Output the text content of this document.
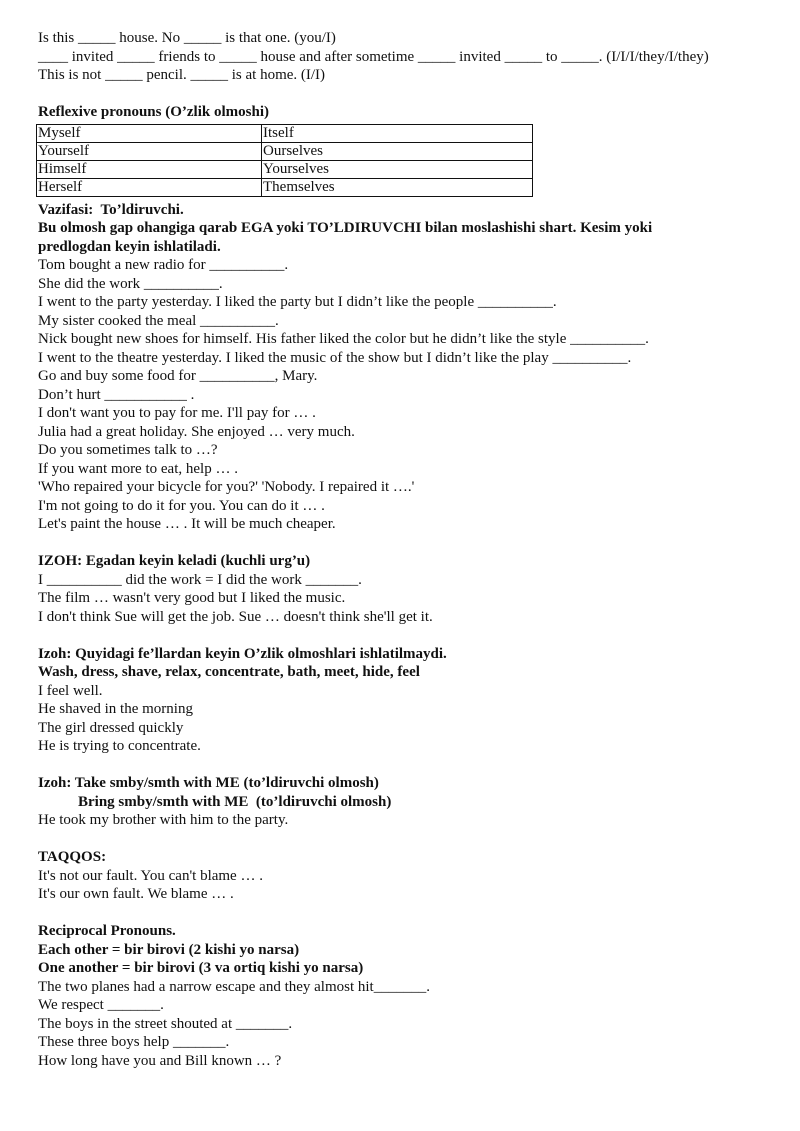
Is this _____ house. No _____ is that one. (you/I)
____ invited _____ friends to _____ house and after sometime _____ invited _____ to _____. (I/I/I/they/I/they)
This is not _____ pencil. _____ is at home. (I/I)
Reflexive pronouns (O’zlik olmoshi)
Myself	Itself
Yourself	Ourselves
Himself	Yourselves
Herself	Themselves
Vazifasi:  To’ldiruvchi.
Bu olmosh gap ohangiga qarab EGA yoki TO’LDIRUVCHI bilan moslashishi shart. Kesim yoki
predlogdan keyin ishlatiladi.
Tom bought a new radio for __________.
She did the work __________.
I went to the party yesterday. I liked the party but I didn’t like the people __________.
My sister cooked the meal __________.
Nick bought new shoes for himself. His father liked the color but he didn’t like the style __________.
I went to the theatre yesterday. I liked the music of the show but I didn’t like the play __________.
Go and buy some food for __________, Mary.
Don’t hurt ___________ .
I don't want you to pay for me. I'll pay for … .
Julia had a great holiday. She enjoyed … very much.
Do you sometimes talk to …?
If you want more to eat, help … .
'Who repaired your bicycle for you?' 'Nobody. I repaired it ….'
I'm not going to do it for you. You can do it … .
Let's paint the house … . It will be much cheaper.
IZOH: Egadan keyin keladi (kuchli urg’u)
I __________ did the work = I did the work _______.
The film … wasn't very good but I liked the music.
I don't think Sue will get the job. Sue … doesn't think she'll get it.
Izoh: Quyidagi fe’llardan keyin O’zlik olmoshlari ishlatilmaydi.
Wash, dress, shave, relax, concentrate, bath, meet, hide, feel
I feel well.
He shaved in the morning
The girl dressed quickly
He is trying to concentrate.
Izoh: Take smby/smth with ME (to’ldiruvchi olmosh)
Bring smby/smth with ME  (to’ldiruvchi olmosh)
He took my brother with him to the party.
TAQQOS:
It's not our fault. You can't blame … .
It's our own fault. We blame … .
Reciprocal Pronouns.
Each other = bir birovi (2 kishi yo narsa)
One another = bir birovi (3 va ortiq kishi yo narsa)
The two planes had a narrow escape and they almost hit_______.
We respect _______.
The boys in the street shouted at _______.
These three boys help _______.
How long have you and Bill known … ?
